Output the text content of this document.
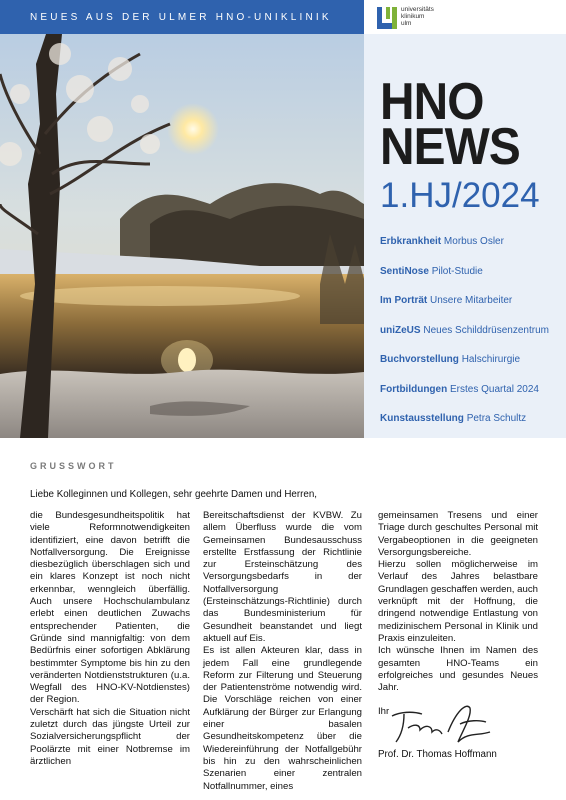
NEUES AUS DER ULMER HNO-UNIKLINIK
universitäts
klinikum
ulm
HNO
NEWS
1.HJ/2024
Erbkrankheit Morbus Osler
SentiNose Pilot-Studie
Im Porträt Unsere Mitarbeiter
uniZeUS Neues Schilddrüsenzentrum
Buchvorstellung Halschirurgie
Fortbildungen Erstes Quartal 2024
Kunstausstellung Petra Schultz
GRUSSWORT
Liebe Kolleginnen und Kollegen, sehr geehrte Damen und Herren,

die Bundesgesundheitspolitik hat viele Reformnotwendigkeiten identifiziert, eine davon betrifft die Notfallversorgung. Die Ereignisse diesbezüglich überschlagen sich und ein klares Konzept ist noch nicht erkennbar, wenngleich überfällig. Auch unsere Hochschulambulanz erlebt einen deutlichen Zuwachs entsprechender Patienten, die Gründe sind mannigfaltig: von dem Bedürfnis einer sofortigen Abklärung bestimmter Symptome bis hin zu den veränderten Notdienststrukturen (u.a. Wegfall des HNO-KV-Notdienstes) der Region.

Verschärft hat sich die Situation nicht zuletzt durch das jüngste Urteil zur Sozialversicherungspflicht der Poolärzte mit einer Notbremse im ärztlichen

Bereitschaftsdienst der KVBW. Zu allem Überfluss wurde die vom Gemeinsamen Bundesausschuss erstellte Erstfassung der Richtlinie zur Ersteinschätzung des Versorgungsbedarfs in der Notfallversorgung (Ersteinschätzungs-Richtlinie) durch das Bundesministerium für Gesundheit beanstandet und liegt aktuell auf Eis.

Es ist allen Akteuren klar, dass in jedem Fall eine grundlegende Reform zur Filterung und Steuerung der Patientenströme notwendig wird. Die Vorschläge reichen von einer Aufklärung der Bürger zur Erlangung einer basalen Gesundheitskompetenz über die Wiedereinführung der Notfallgebühr bis hin zu den wahrscheinlichen Szenarien einer zentralen Notfallnummer, eines

gemeinsamen Tresens und einer Triage durch geschultes Personal mit Vergabeoptionen in die geeigneten Versorgungsbereiche.

Hierzu sollen möglicherweise im Verlauf des Jahres belastbare Grundlagen geschaffen werden, auch verknüpft mit der Hoffnung, die dringend notwendige Entlastung von medizinischem Personal in Klinik und Praxis einzuleiten.

Ich wünsche Ihnen im Namen des gesamten HNO-Teams ein erfolgreiches und gesundes Neues Jahr.

Ihr

Prof. Dr. Thomas Hoffmann
